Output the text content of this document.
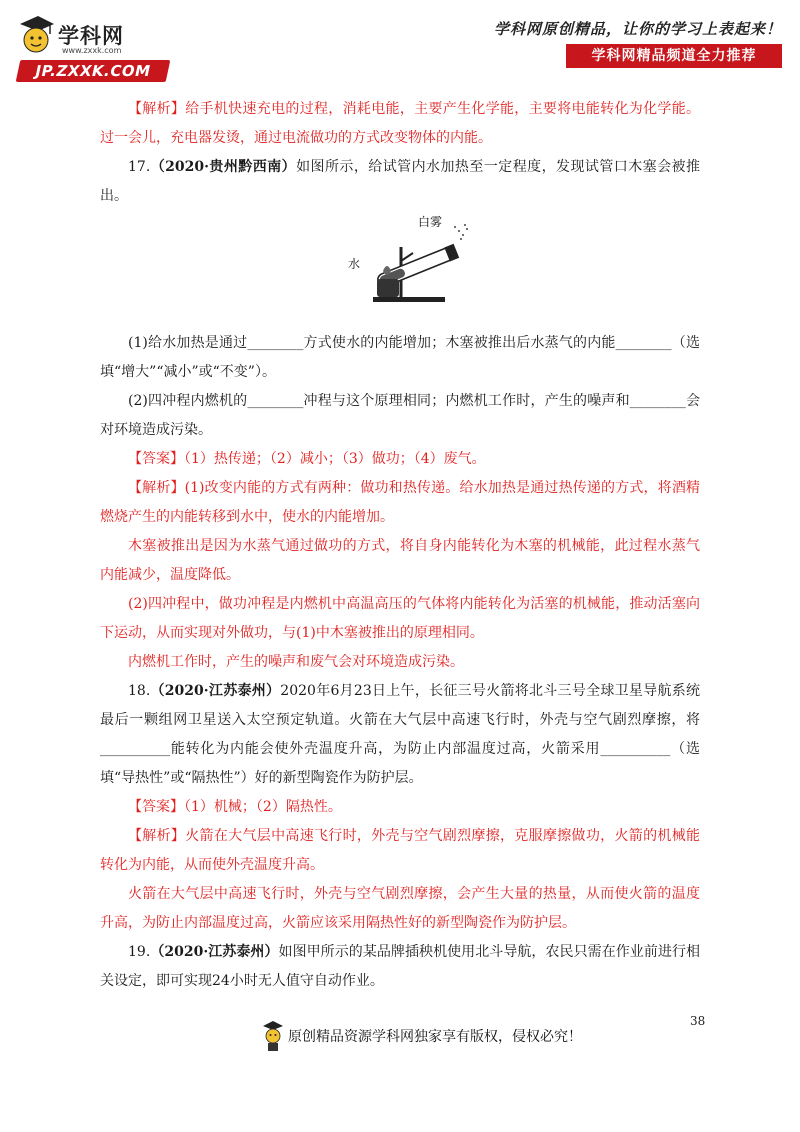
学科网
www.zxxk.com
JP.ZXXK.COM
学科网原创精品，让你的学习上表起来！
学科网精品频道全力推荐

【解析】给手机快速充电的过程，消耗电能，主要产生化学能，主要将电能转化为化学能。过一会儿，充电器发烫，通过电流做功的方式改变物体的内能。

17.（2020·贵州黔西南）如图所示，给试管内水加热至一定程度，发现试管口木塞会被推出。

水
白雾

(1)给水加热是通过________方式使水的内能增加；木塞被推出后水蒸气的内能________（选填“增大”“减小”或“不变”）。

(2)四冲程内燃机的________冲程与这个原理相同；内燃机工作时，产生的噪声和________会对环境造成污染。

【答案】（1）热传递；（2）减小；（3）做功；（4）废气。

【解析】(1)改变内能的方式有两种：做功和热传递。给水加热是通过热传递的方式，将酒精燃烧产生的内能转移到水中，使水的内能增加。

木塞被推出是因为水蒸气通过做功的方式，将自身内能转化为木塞的机械能，此过程水蒸气内能减少，温度降低。

(2)四冲程中，做功冲程是内燃机中高温高压的气体将内能转化为活塞的机械能，推动活塞向下运动，从而实现对外做功，与(1)中木塞被推出的原理相同。

内燃机工作时，产生的噪声和废气会对环境造成污染。

18.（2020·江苏泰州）2020年6月23日上午，长征三号火箭将北斗三号全球卫星导航系统最后一颗组网卫星送入太空预定轨道。火箭在大气层中高速飞行时，外壳与空气剧烈摩擦，将__________能转化为内能会使外壳温度升高，为防止内部温度过高，火箭采用__________（选填“导热性”或“隔热性”）好的新型陶瓷作为防护层。

【答案】（1）机械；（2）隔热性。

【解析】火箭在大气层中高速飞行时，外壳与空气剧烈摩擦，克服摩擦做功，火箭的机械能转化为内能，从而使外壳温度升高。

火箭在大气层中高速飞行时，外壳与空气剧烈摩擦，会产生大量的热量，从而使火箭的温度升高，为防止内部温度过高，火箭应该采用隔热性好的新型陶瓷作为防护层。

19.（2020·江苏泰州）如图甲所示的某品牌插秧机使用北斗导航，农民只需在作业前进行相关设定，即可实现24小时无人值守自动作业。

38
原创精品资源学科网独家享有版权，侵权必究！
